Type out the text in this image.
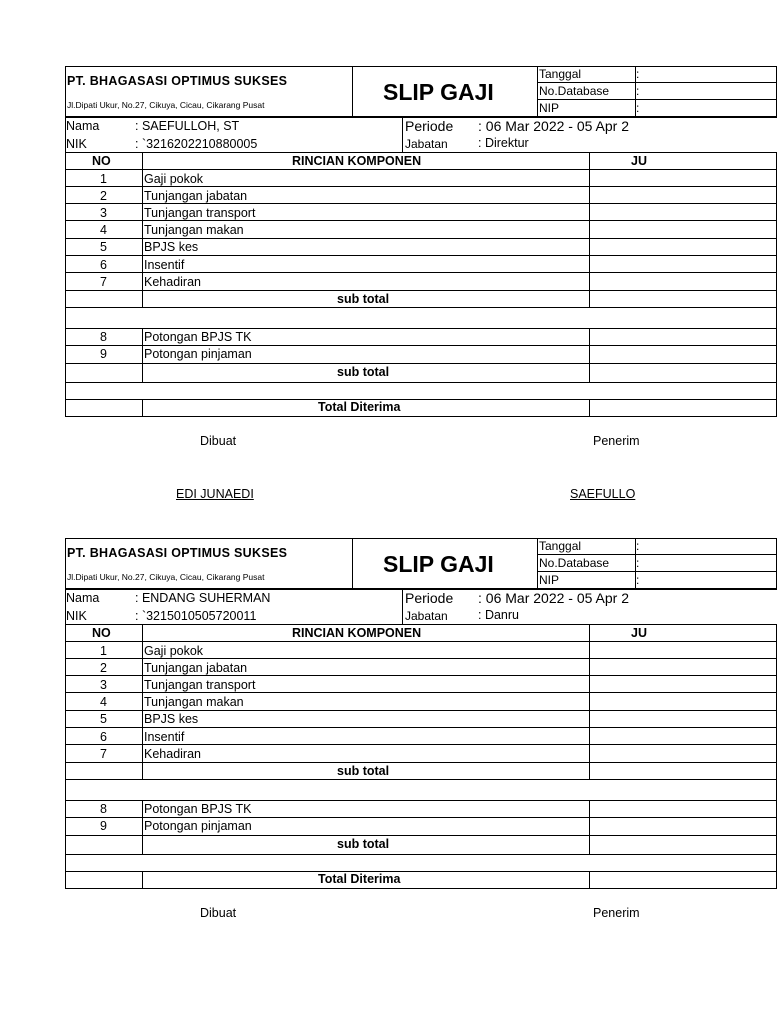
PT. BHAGASASI OPTIMUS SUKSES
Jl.Dipati Ukur, No.27, Cikuya, Cicau, Cikarang Pusat	SLIP GAJI
Tanggal	:
No.Database :
NIP	:
Nama	: SAEFULLOH, ST
NIK	: `3216202210880005
Periode : 06 Mar 2022 - 05 Apr 2
Jabatan : Direktur
NO	RINCIAN KOMPONEN	JU
1	Gaji pokok
2	Tunjangan jabatan
3	Tunjangan transport
4	Tunjangan makan
5	BPJS kes
6	Insentif
7	Kehadiran
sub total
8	Potongan BPJS TK
9	Potongan pinjaman
sub total
Total Diterima
Dibuat	Penerim
EDI JUNAEDI	SAEFULLO
PT. BHAGASASI OPTIMUS SUKSES
Jl.Dipati Ukur, No.27, Cikuya, Cicau, Cikarang Pusat	SLIP GAJI
Tanggal	:
No.Database :
NIP	:
Nama	: ENDANG SUHERMAN
NIK	: `3215010505720011
Periode : 06 Mar 2022 - 05 Apr 2
Jabatan : Danru
NO	RINCIAN KOMPONEN	JU
1	Gaji pokok
2	Tunjangan jabatan
3	Tunjangan transport
4	Tunjangan makan
5	BPJS kes
6	Insentif
7	Kehadiran
sub total
8	Potongan BPJS TK
9	Potongan pinjaman
sub total
Total Diterima
Dibuat	Penerim
